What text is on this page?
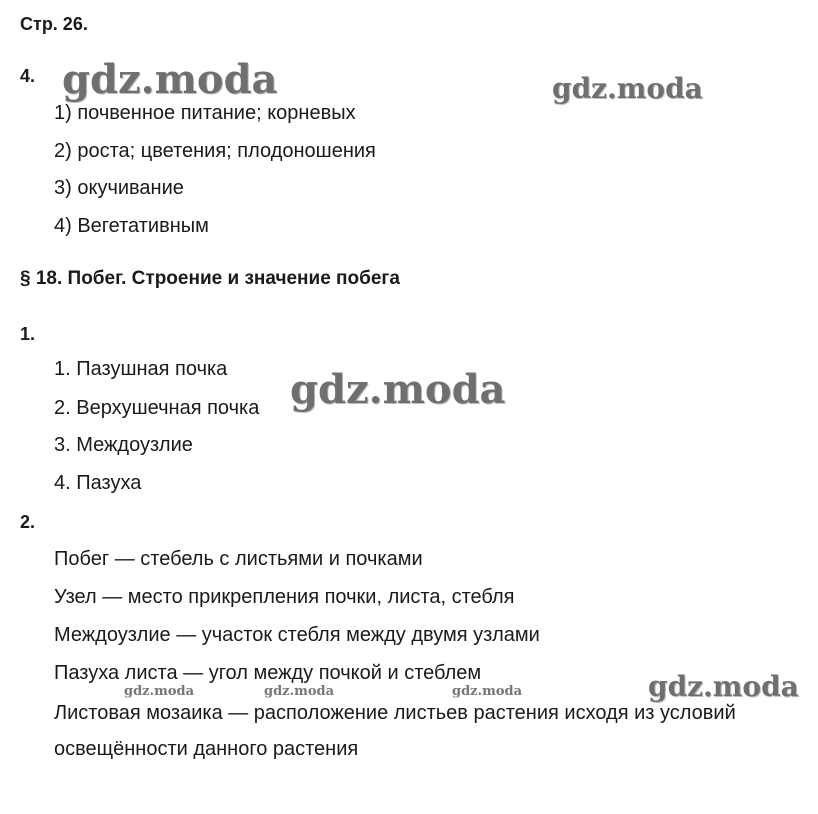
Стр. 26.
4.
1) почвенное питание; корневых
2) роста; цветения; плодоношения
3) окучивание
4) Вегетативным
§ 18. Побег. Строение и значение побега
1.
1. Пазушная почка
2. Верхушечная почка
3. Междоузлие
4. Пазуха
2.
Побег — стебель с листьями и почками
Узел — место прикрепления почки, листа, стебля
Междоузлие — участок стебля между двумя узлами
Пазуха листа — угол между почкой и стеблем
Листовая мозаика — расположение листьев растения исходя из условий
освещённости данного растения
gdz.moda	gdz.moda
gdz.moda
gdz.moda
gdz.moda	gdz.moda	gdz.moda
